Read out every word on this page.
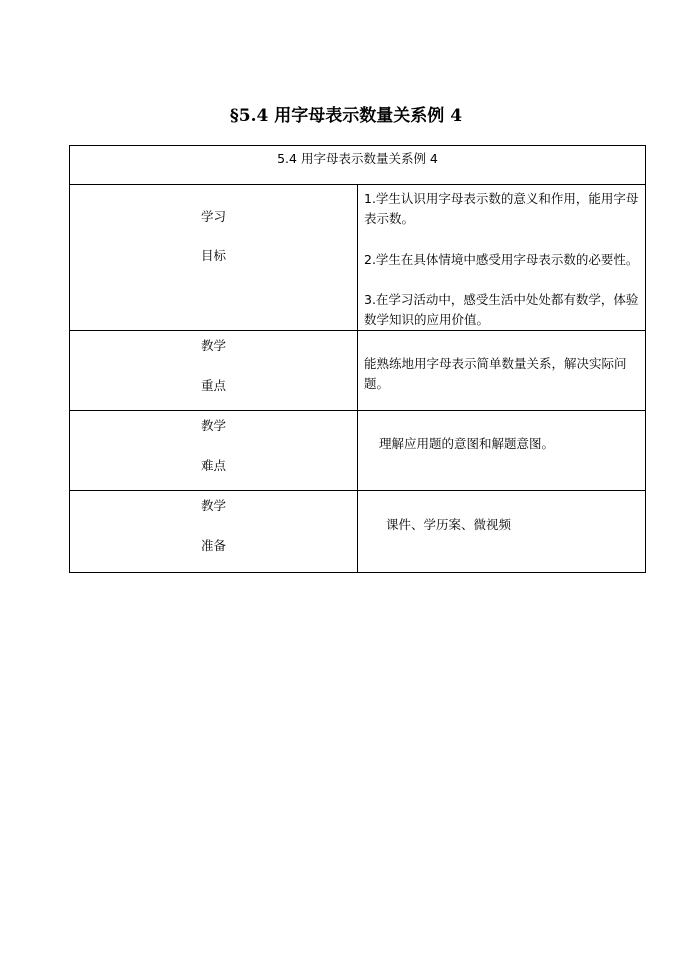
§5.4 用字母表示数量关系例 4
5.4 用字母表示数量关系例 4	

学习
目标	1.学生认识用字母表示数的意义和作用，能用字母表示数。
2.学生在具体情境中感受用字母表示数的必要性。
3.在学习活动中，感受生活中处处都有数学，体验数学知识的应用价值。

教学
重点	能熟练地用字母表示简单数量关系，解决实际问题。

教学
难点	理解应用题的意图和解题意图。

教学
准备	课件、学历案、微视频
